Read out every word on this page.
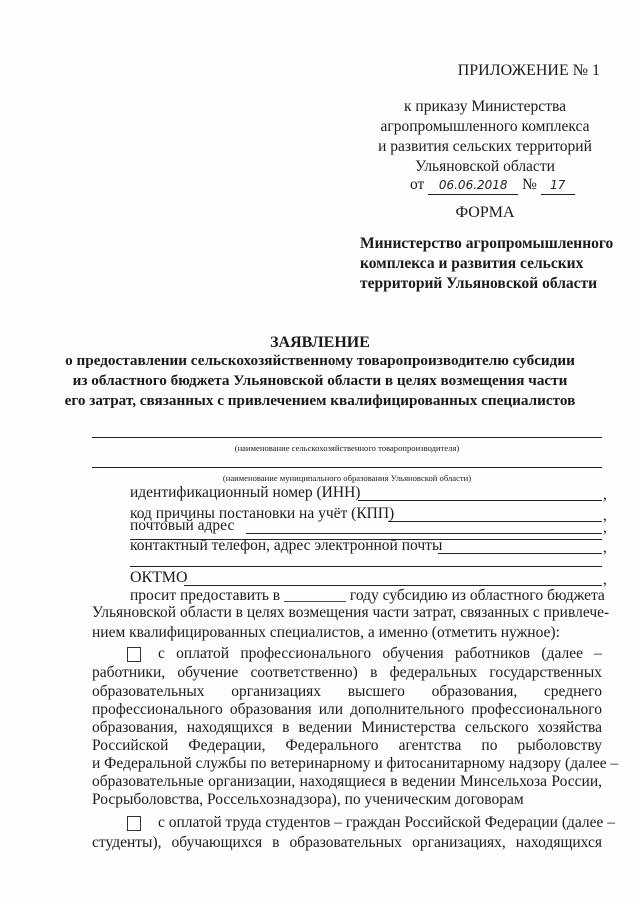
ПРИЛОЖЕНИЕ № 1
к приказу Министерства
агропромышленного комплекса
и развития сельских территорий
Ульяновской области
от 06.06.2018 № 17
ФОРМА
Министерство агропромышленного
комплекса и развития сельских
территорий Ульяновской области
ЗАЯВЛЕНИЕ
о предоставлении сельскохозяйственному товаропроизводителю субсидии
из областного бюджета Ульяновской области в целях возмещения части
его затрат, связанных с привлечением квалифицированных специалистов
(наименование сельскохозяйственного товаропроизводителя)
(наименование муниципального образования Ульяновской области)
идентификационный номер (ИНН)	,
код причины постановки на учёт (КПП)	,
почтовый адрес	,
контактный телефон, адрес электронной почты	,
ОКТМО	,
просит предоставить в ________ году субсидию из областного бюджета
Ульяновской области в целях возмещения части затрат, связанных с привлече-
нием квалифицированных специалистов, а именно (отметить нужное):
с оплатой профессионального обучения работников (далее –
работники, обучение соответственно) в федеральных государственных
образовательных организациях высшего образования, среднего
профессионального образования или дополнительного профессионального
образования, находящихся в ведении Министерства сельского хозяйства
Российской Федерации, Федерального агентства по рыболовству
и Федеральной службы по ветеринарному и фитосанитарному надзору (далее –
образовательные организации, находящиеся в ведении Минсельхоза России,
Росрыболовства, Россельхознадзора), по ученическим договорам
с оплатой труда студентов – граждан Российской Федерации (далее –
студенты), обучающихся в образовательных организациях, находящихся
